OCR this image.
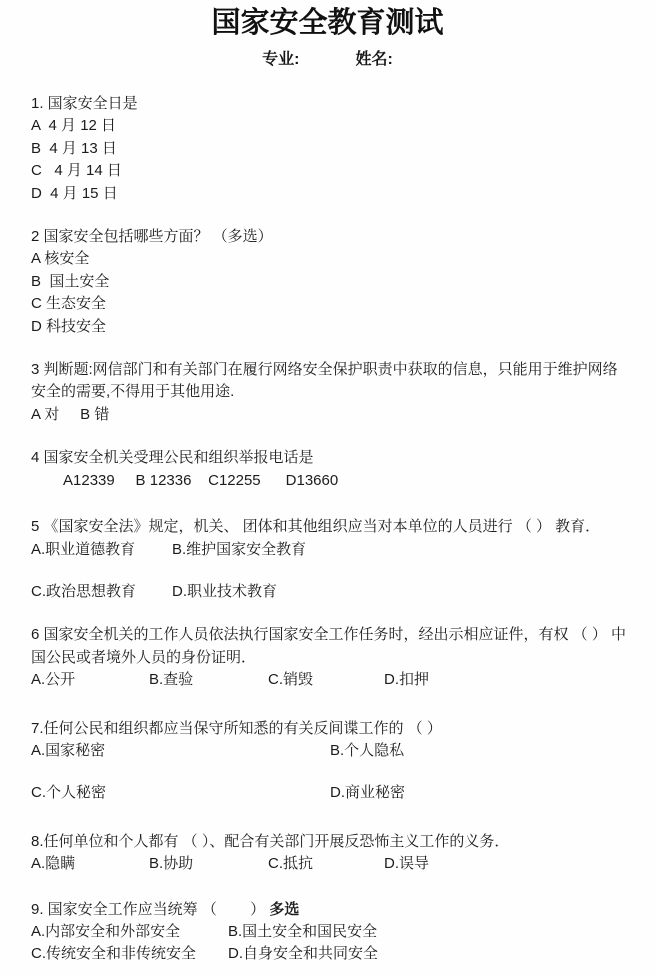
国家安全教育测试
专业:	姓名:
1. 国家安全日是
A  4 月 12 日
B  4 月 13 日
C   4 月 14 日
D  4 月 15 日
2 国家安全包括哪些方面？ （多选）
A 核安全
B  国土安全
C 生态安全
D 科技安全
3 判断题:网信部门和有关部门在履行网络安全保护职责中获取的信息，只能用于维护网络
安全的需要,不得用于其他用途.
A 对     B 错
4 国家安全机关受理公民和组织举报电话是
A12339     B 12336    C12255      D13660
5 《国家安全法》规定，机关、 团体和其他组织应当对本单位的人员进行 （ ） 教育．
A.职业道德教育 B.维护国家安全教育
C.政治思想教育 D.职业技术教育
6 国家安全机关的工作人员依法执行国家安全工作任务时，经出示相应证件，有权 （ ） 中
国公民或者境外人员的身份证明．
A.公开	B.查验	C.销毁	D.扣押
7.任何公民和组织都应当保守所知悉的有关反间谍工作的 （ ）
A.国家秘密	B.个人隐私
C.个人秘密	D.商业秘密
8.任何单位和个人都有 （ ）、配合有关部门开展反恐怖主义工作的义务．
A.隐瞒	B.协助	C.抵抗	D.误导
9. 国家安全工作应当统筹 （        ） 多选
A.内部安全和外部安全	B.国土安全和国民安全
C.传统安全和非传统安全 D.自身安全和共同安全
